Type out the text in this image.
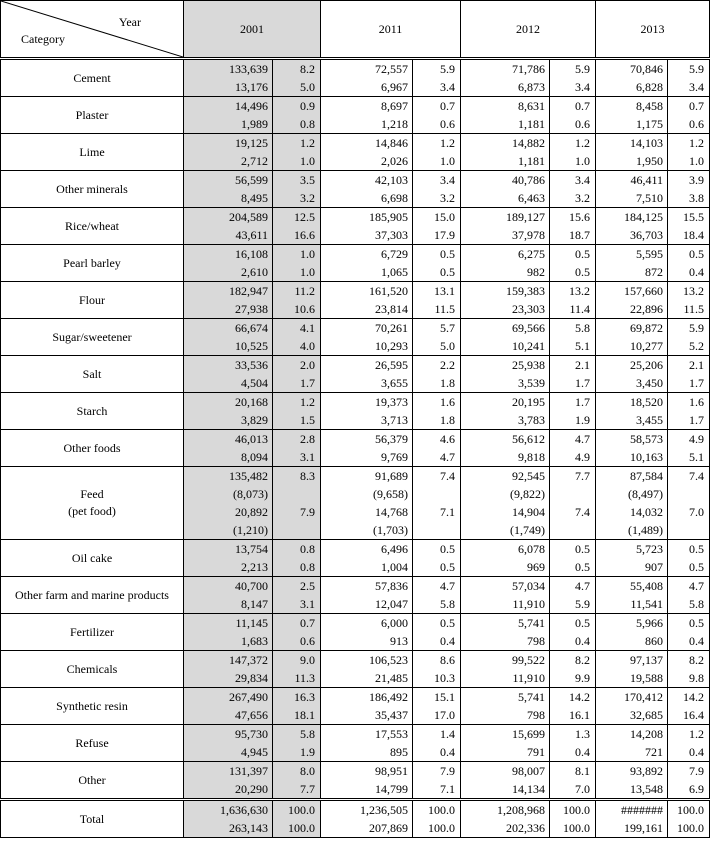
Year
Category	2001		2011		2012		2013	
Cement	133,639	8.2	72,557	5.9	71,786	5.9	70,846	5.9
	13,176	5.0	6,967	3.4	6,873	3.4	6,828	3.4
Plaster	14,496	0.9	8,697	0.7	8,631	0.7	8,458	0.7
	1,989	0.8	1,218	0.6	1,181	0.6	1,175	0.6
Lime	19,125	1.2	14,846	1.2	14,882	1.2	14,103	1.2
	2,712	1.0	2,026	1.0	1,181	1.0	1,950	1.0
Other minerals	56,599	3.5	42,103	3.4	40,786	3.4	46,411	3.9
	8,495	3.2	6,698	3.2	6,463	3.2	7,510	3.8
Rice/wheat	204,589	12.5	185,905	15.0	189,127	15.6	184,125	15.5
	43,611	16.6	37,303	17.9	37,978	18.7	36,703	18.4
Pearl barley	16,108	1.0	6,729	0.5	6,275	0.5	5,595	0.5
	2,610	1.0	1,065	0.5	982	0.5	872	0.4
Flour	182,947	11.2	161,520	13.1	159,383	13.2	157,660	13.2
	27,938	10.6	23,814	11.5	23,303	11.4	22,896	11.5
Sugar/sweetener	66,674	4.1	70,261	5.7	69,566	5.8	69,872	5.9
	10,525	4.0	10,293	5.0	10,241	5.1	10,277	5.2
Salt	33,536	2.0	26,595	2.2	25,938	2.1	25,206	2.1
	4,504	1.7	3,655	1.8	3,539	1.7	3,450	1.7
Starch	20,168	1.2	19,373	1.6	20,195	1.7	18,520	1.6
	3,829	1.5	3,713	1.8	3,783	1.9	3,455	1.7
Other foods	46,013	2.8	56,379	4.6	56,612	4.7	58,573	4.9
	8,094	3.1	9,769	4.7	9,818	4.9	10,163	5.1
Feed
(pet food)	135,482	8.3	91,689	7.4	92,545	7.7	87,584	7.4
	(8,073)		(9,658)		(9,822)		(8,497)	
	20,892	7.9	14,768	7.1	14,904	7.4	14,032	7.0
	(1,210)		(1,703)		(1,749)		(1,489)	
Oil cake	13,754	0.8	6,496	0.5	6,078	0.5	5,723	0.5
	2,213	0.8	1,004	0.5	969	0.5	907	0.5
Other farm and marine products	40,700	2.5	57,836	4.7	57,034	4.7	55,408	4.7
	8,147	3.1	12,047	5.8	11,910	5.9	11,541	5.8
Fertilizer	11,145	0.7	6,000	0.5	5,741	0.5	5,966	0.5
	1,683	0.6	913	0.4	798	0.4	860	0.4
Chemicals	147,372	9.0	106,523	8.6	99,522	8.2	97,137	8.2
	29,834	11.3	21,485	10.3	11,910	9.9	19,588	9.8
Synthetic resin	267,490	16.3	186,492	15.1	5,741	14.2	170,412	14.2
	47,656	18.1	35,437	17.0	798	16.1	32,685	16.4
Refuse	95,730	5.8	17,553	1.4	15,699	1.3	14,208	1.2
	4,945	1.9	895	0.4	791	0.4	721	0.4
Other	131,397	8.0	98,951	7.9	98,007	8.1	93,892	7.9
	20,290	7.7	14,799	7.1	14,134	7.0	13,548	6.9
Total	1,636,630	100.0	1,236,505	100.0	1,208,968	100.0	#######	100.0
	263,143	100.0	207,869	100.0	202,336	100.0	199,161	100.0
